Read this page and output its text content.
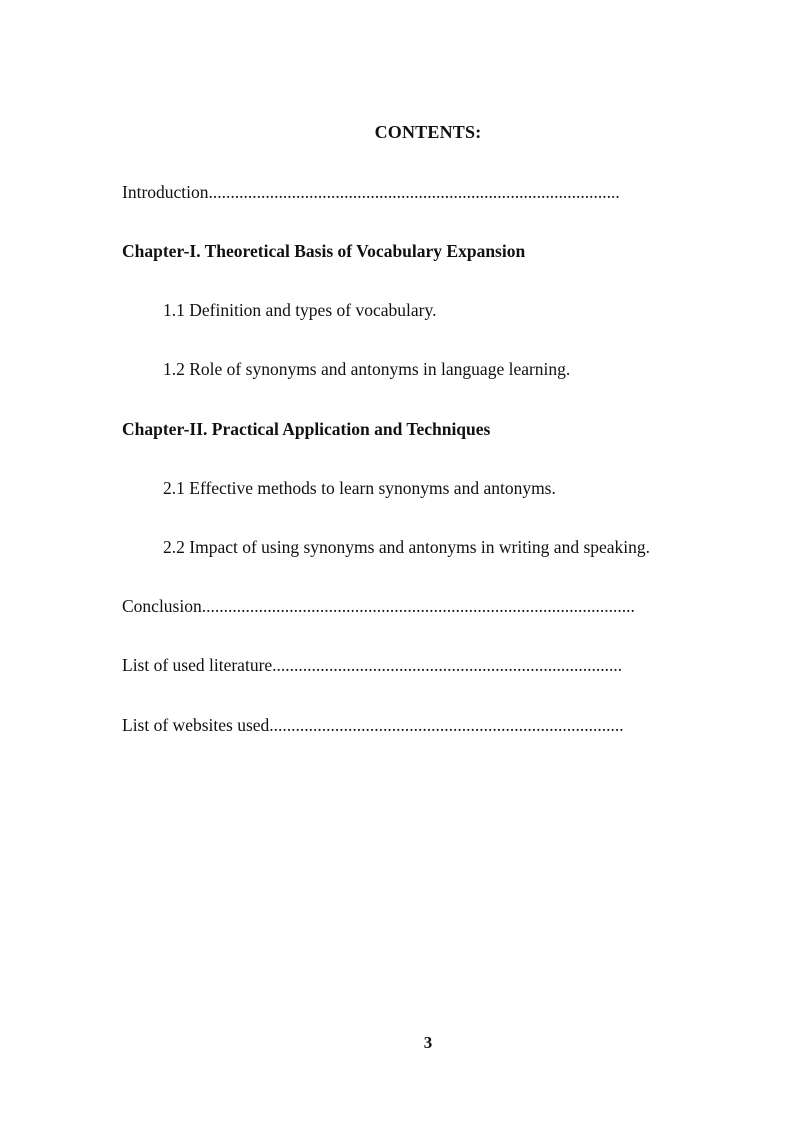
CONTENTS:
Introduction..............................................................................................
Chapter-I. Theoretical Basis of Vocabulary Expansion
1.1 Definition and types of vocabulary.
1.2 Role of synonyms and antonyms in language learning.
Chapter-II. Practical Application and Techniques
2.1 Effective methods to learn synonyms and antonyms.
2.2 Impact of using synonyms and antonyms in writing and speaking.
Conclusion...................................................................................................
List of used literature................................................................................
List of websites used.................................................................................
3
